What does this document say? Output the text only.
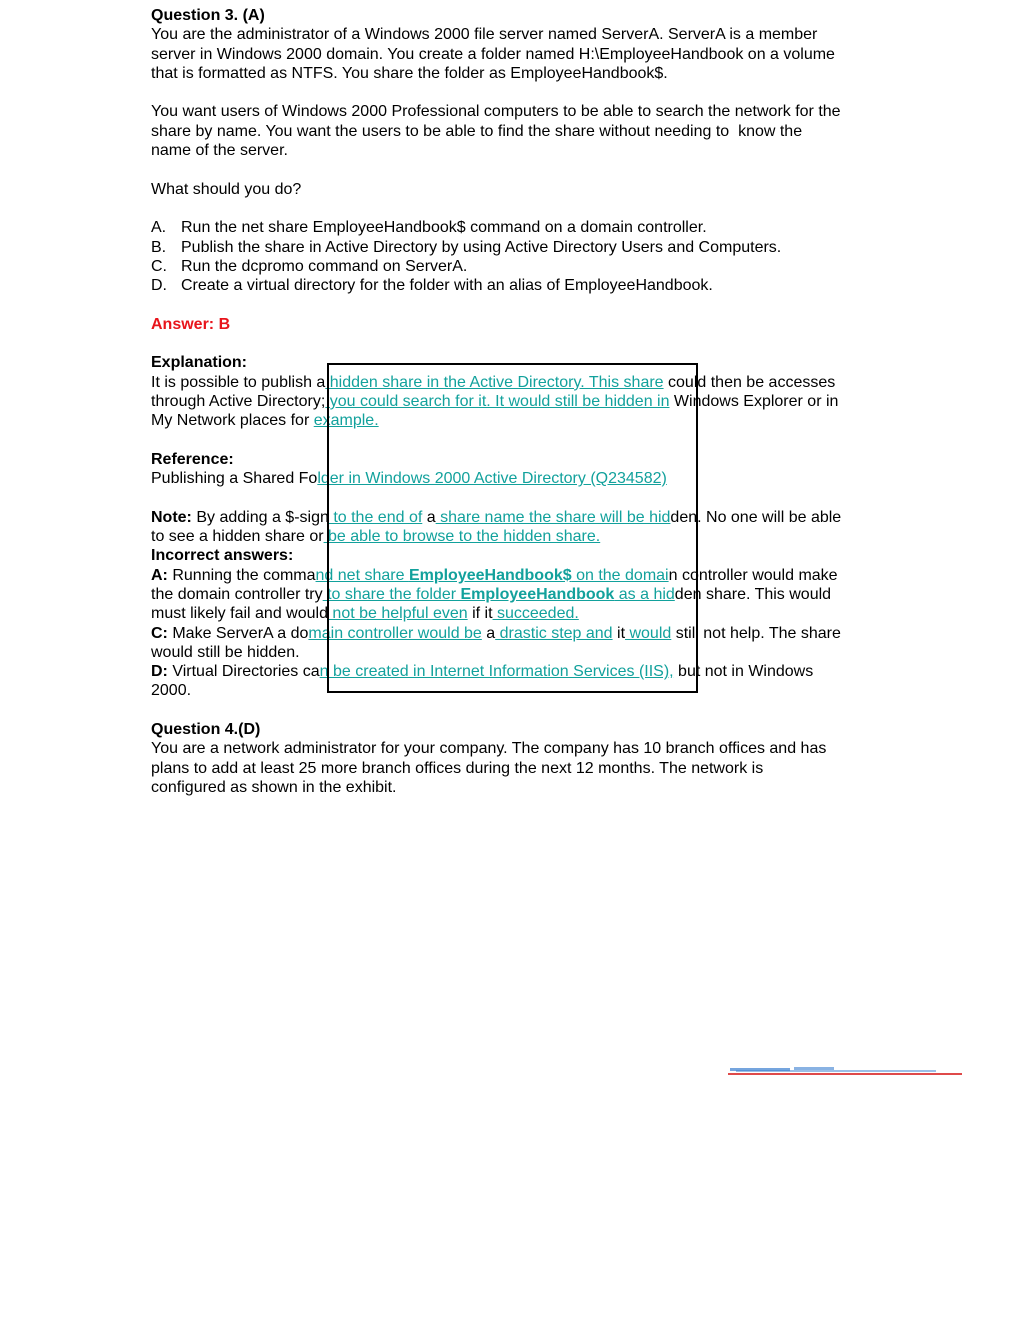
Question 3. (A)
You are the administrator of a Windows 2000 file server named ServerA. ServerA is a member
server in Windows 2000 domain. You create a folder named H:\EmployeeHandbook on a volume
that is formatted as NTFS. You share the folder as EmployeeHandbook$.
You want users of Windows 2000 Professional computers to be able to search the network for the
share by name. You want the users to be able to find the share without needing to  know the
name of the server.
What should you do?
A. Run the net share EmployeeHandbook$ command on a domain controller.
B. Publish the share in Active Directory by using Active Directory Users and Computers.
C. Run the dcpromo command on ServerA.
D. Create a virtual directory for the folder with an alias of EmployeeHandbook.
Answer: B
Explanation:
It is possible to publish a hidden share in the Active Directory. This share could then be accesses
through Active Directory; you could search for it. It would still be hidden in Windows Explorer or in
My Network places for example.
Reference:
Publishing a Shared Folder in Windows 2000 Active Directory (Q234582)
Note: By adding a $-sign to the end of a share name the share will be hidden. No one will be able
to see a hidden share or be able to browse to the hidden share.
Incorrect answers:
A: Running the command net share EmployeeHandbook$ on the domain controller would make
the domain controller try to share the folder EmployeeHandbook as a hidden share. This would
must likely fail and would not be helpful even if it succeeded.
C: Make ServerA a domain controller would be a drastic step and it would still not help. The share
would still be hidden.
D: Virtual Directories can be created in Internet Information Services (IIS), but not in Windows
2000.
Question 4.(D)
You are a network administrator for your company. The company has 10 branch offices and has
plans to add at least 25 more branch offices during the next 12 months. The network is
configured as shown in the exhibit.
